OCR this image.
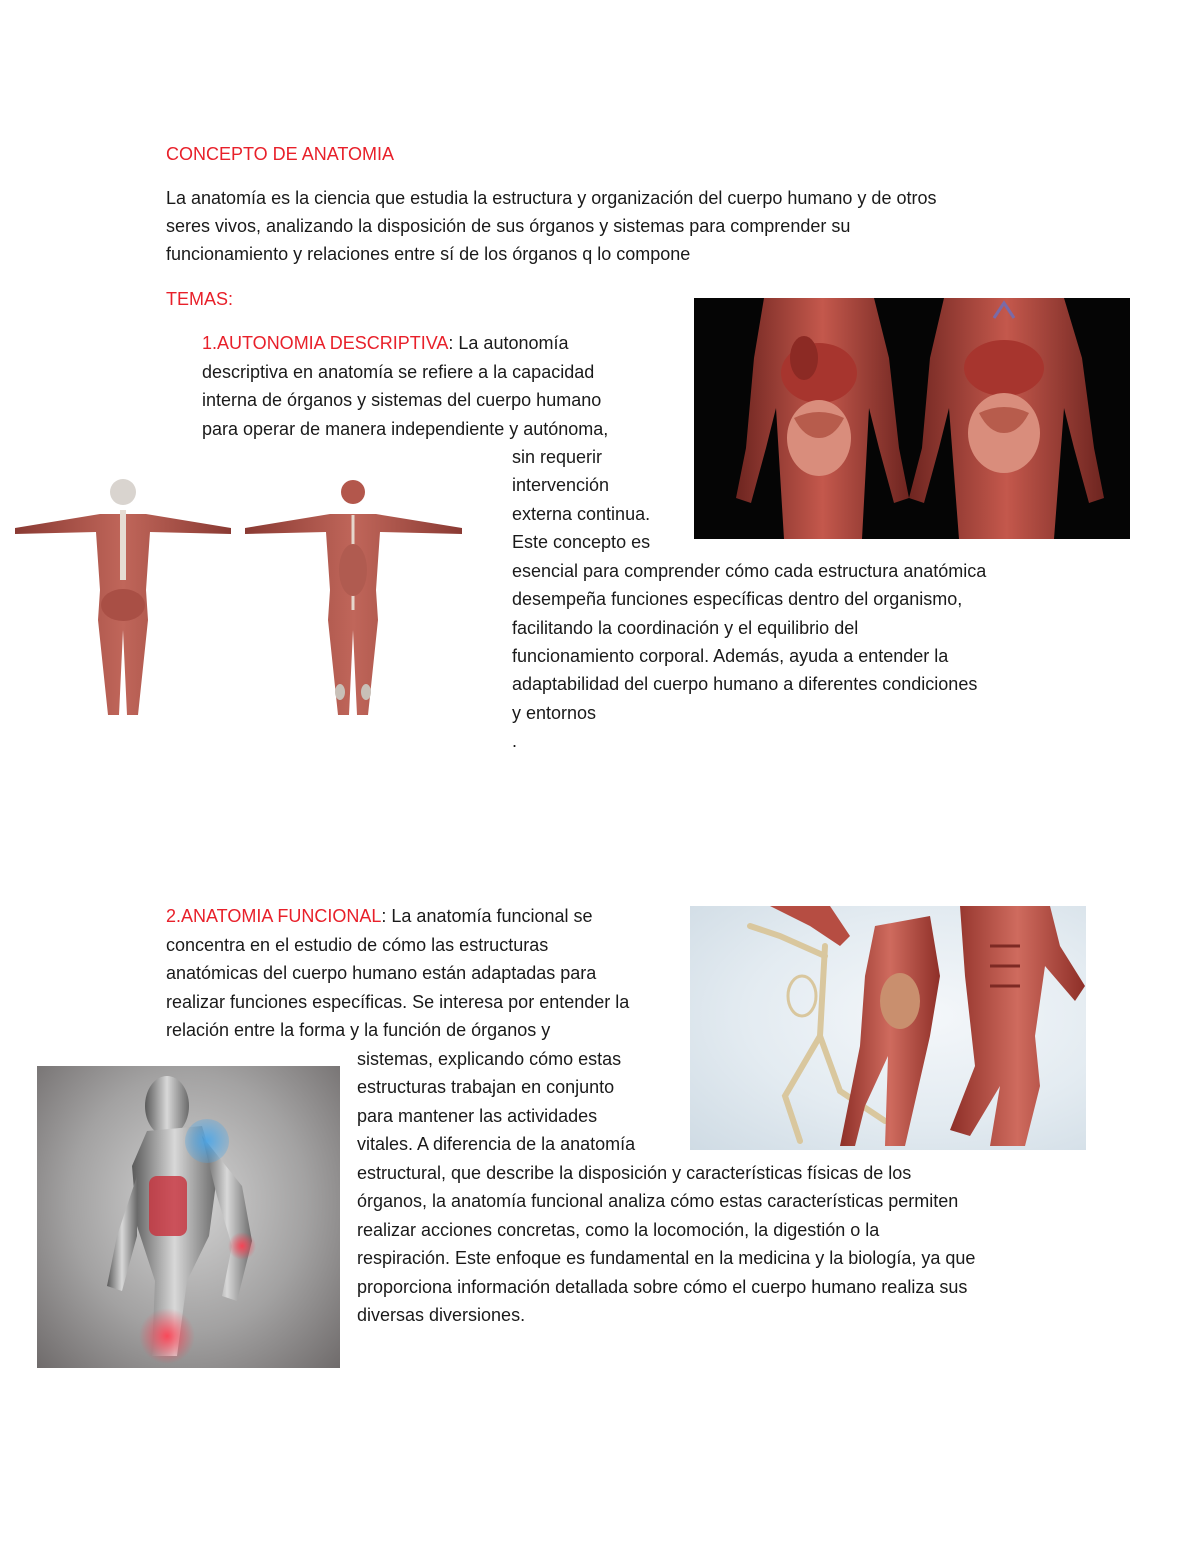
CONCEPTO DE ANATOMIA
La anatomía es la ciencia que estudia la estructura y organización del cuerpo humano y de otros
seres vivos, analizando la disposición de sus órganos y sistemas para comprender su
funcionamiento y relaciones entre sí de los órganos q lo compone
TEMAS:
1.AUTONOMIA DESCRIPTIVA: La autonomía
descriptiva en anatomía se refiere a la capacidad
interna de órganos y sistemas del cuerpo humano
para operar de manera independiente y autónoma,
sin requerir
intervención
externa continua.
Este concepto es
esencial para comprender cómo cada estructura anatómica
desempeña funciones específicas dentro del organismo,
facilitando la coordinación y el equilibrio del
funcionamiento corporal. Además, ayuda a entender la
adaptabilidad del cuerpo humano a diferentes condiciones
y entornos
.
2.ANATOMIA FUNCIONAL: La anatomía funcional se
concentra en el estudio de cómo las estructuras
anatómicas del cuerpo humano están adaptadas para
realizar funciones específicas. Se interesa por entender la
relación entre la forma y la función de órganos y
sistemas, explicando cómo estas
estructuras trabajan en conjunto
para mantener las actividades
vitales. A diferencia de la anatomía
estructural, que describe la disposición y características físicas de los
órganos, la anatomía funcional analiza cómo estas características permiten
realizar acciones concretas, como la locomoción, la digestión o la
respiración. Este enfoque es fundamental en la medicina y la biología, ya que
proporciona información detallada sobre cómo el cuerpo humano realiza sus
diversas diversiones.
